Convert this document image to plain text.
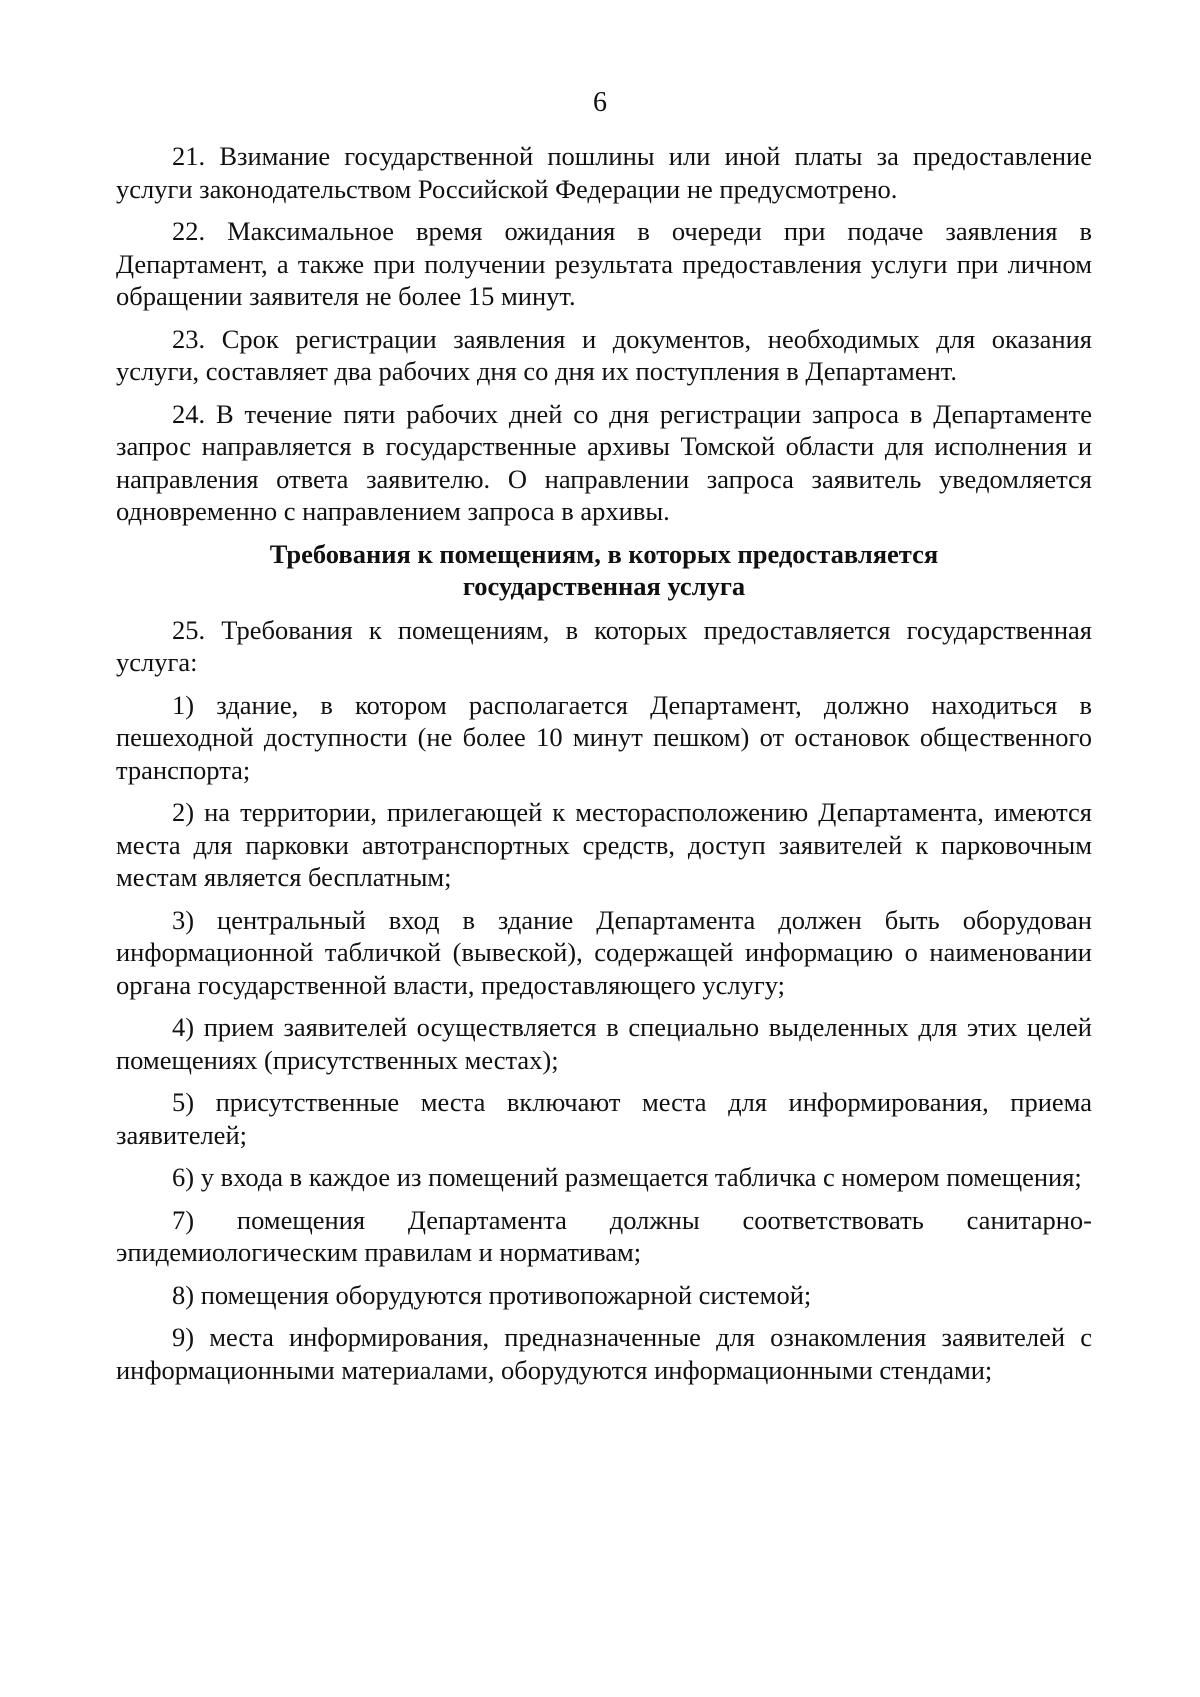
6

21. Взимание государственной пошлины или иной платы за предоставление услуги законодательством Российской Федерации не предусмотрено.

22. Максимальное время ожидания в очереди при подаче заявления в Департамент, а также при получении результата предоставления услуги при личном обращении заявителя не более 15 минут.

23. Срок регистрации заявления и документов, необходимых для оказания услуги, составляет два рабочих дня со дня их поступления в Департамент.

24. В течение пяти рабочих дней со дня регистрации запроса в Департаменте запрос направляется в государственные архивы Томской области для исполнения и направления ответа заявителю. О направлении запроса заявитель уведомляется одновременно с направлением запроса в архивы.

Требования к помещениям, в которых предоставляется
государственная услуга

25. Требования к помещениям, в которых предоставляется государственная услуга:

1) здание, в котором располагается Департамент, должно находиться в пешеходной доступности (не более 10 минут пешком) от остановок общественного транспорта;

2) на территории, прилегающей к месторасположению Департамента, имеются места для парковки автотранспортных средств, доступ заявителей к парковочным местам является бесплатным;

3) центральный вход в здание Департамента должен быть оборудован информационной табличкой (вывеской), содержащей информацию о наименовании органа государственной власти, предоставляющего услугу;

4) прием заявителей осуществляется в специально выделенных для этих целей помещениях (присутственных местах);

5) присутственные места включают места для информирования, приема заявителей;

6) у входа в каждое из помещений размещается табличка с номером помещения;

7) помещения Департамента должны соответствовать санитарно-эпидемиологическим правилам и нормативам;

8) помещения оборудуются противопожарной системой;

9) места информирования, предназначенные для ознакомления заявителей с информационными материалами, оборудуются информационными стендами;
